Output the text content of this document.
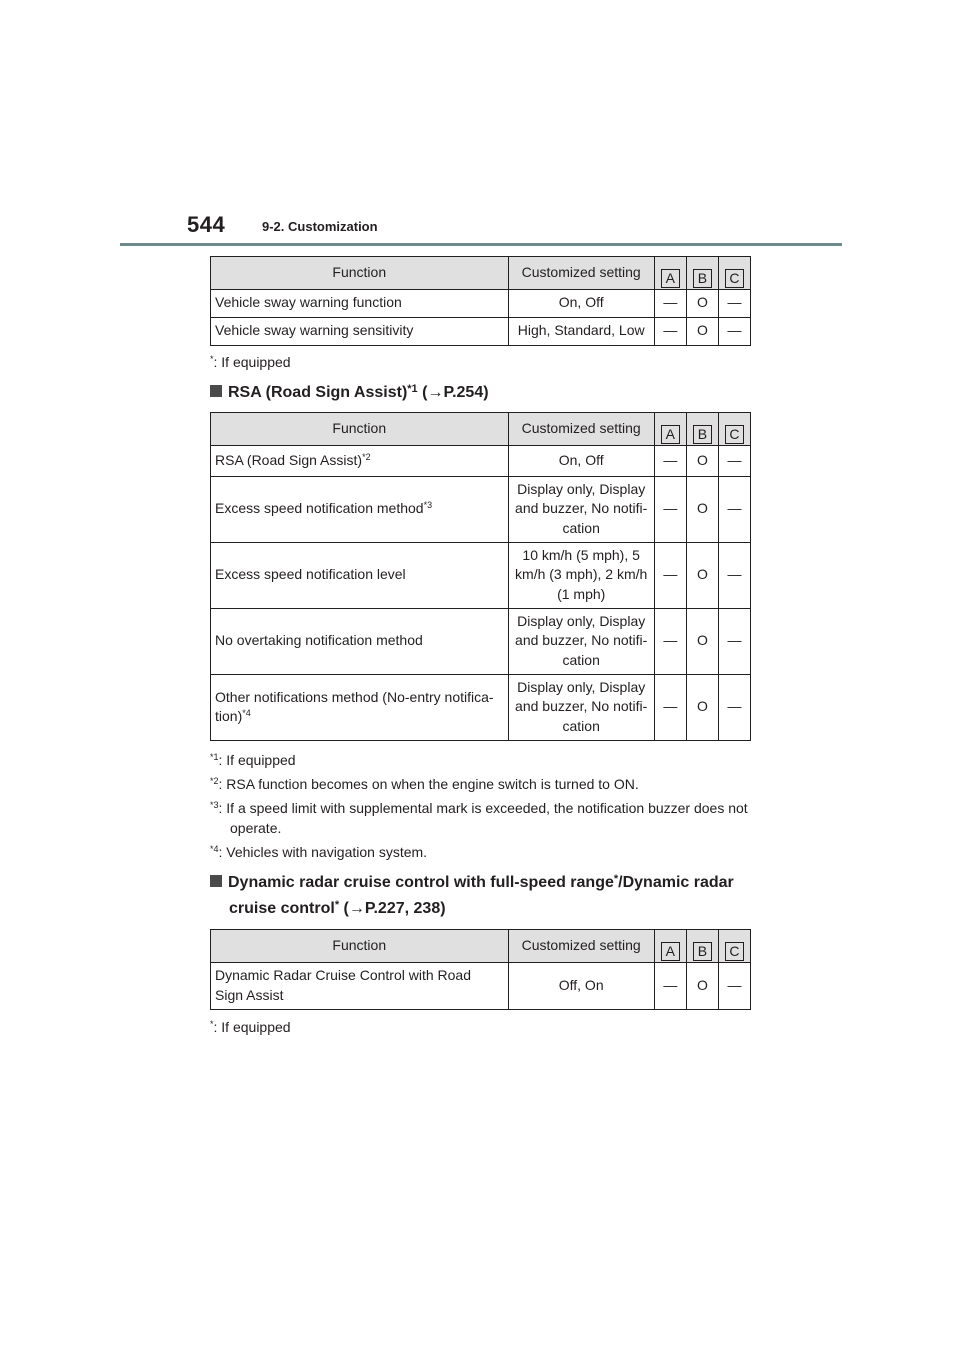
544	9-2. Customization
Function	Customized setting	A	B	C
Vehicle sway warning function	On, Off	—	O	—
Vehicle sway warning sensitivity	High, Standard, Low	—	O	—
*: If equipped
RSA (Road Sign Assist)$^{*1}$ (→P.254)
Function	Customized setting	A	B	C
RSA (Road Sign Assist)$^{*2}$	On, Off	—	O	—
Excess speed notification method$^{*3}$	Display only, Display
and buzzer, No notifi-
cation	—	O	—
Excess speed notification level	10 km/h (5 mph), 5
km/h (3 mph), 2 km/h
(1 mph)	—	O	—
No overtaking notification method	Display only, Display
and buzzer, No notifi-
cation	—	O	—
Other notifications method (No-entry notifica-
tion)$^{*4}$	Display only, Display
and buzzer, No notifi-
cation	—	O	—
$^{*1}$: If equipped
$^{*2}$: RSA function becomes on when the engine switch is turned to ON.
$^{*3}$: If a speed limit with supplemental mark is exceeded, the notification buzzer does not operate.
$^{*4}$: Vehicles with navigation system.
Dynamic radar cruise control with full-speed range*/Dynamic radar
cruise control* (→P.227, 238)
Function	Customized setting	A	B	C
Dynamic Radar Cruise Control with Road
Sign Assist	Off, On	—	O	—
*: If equipped
